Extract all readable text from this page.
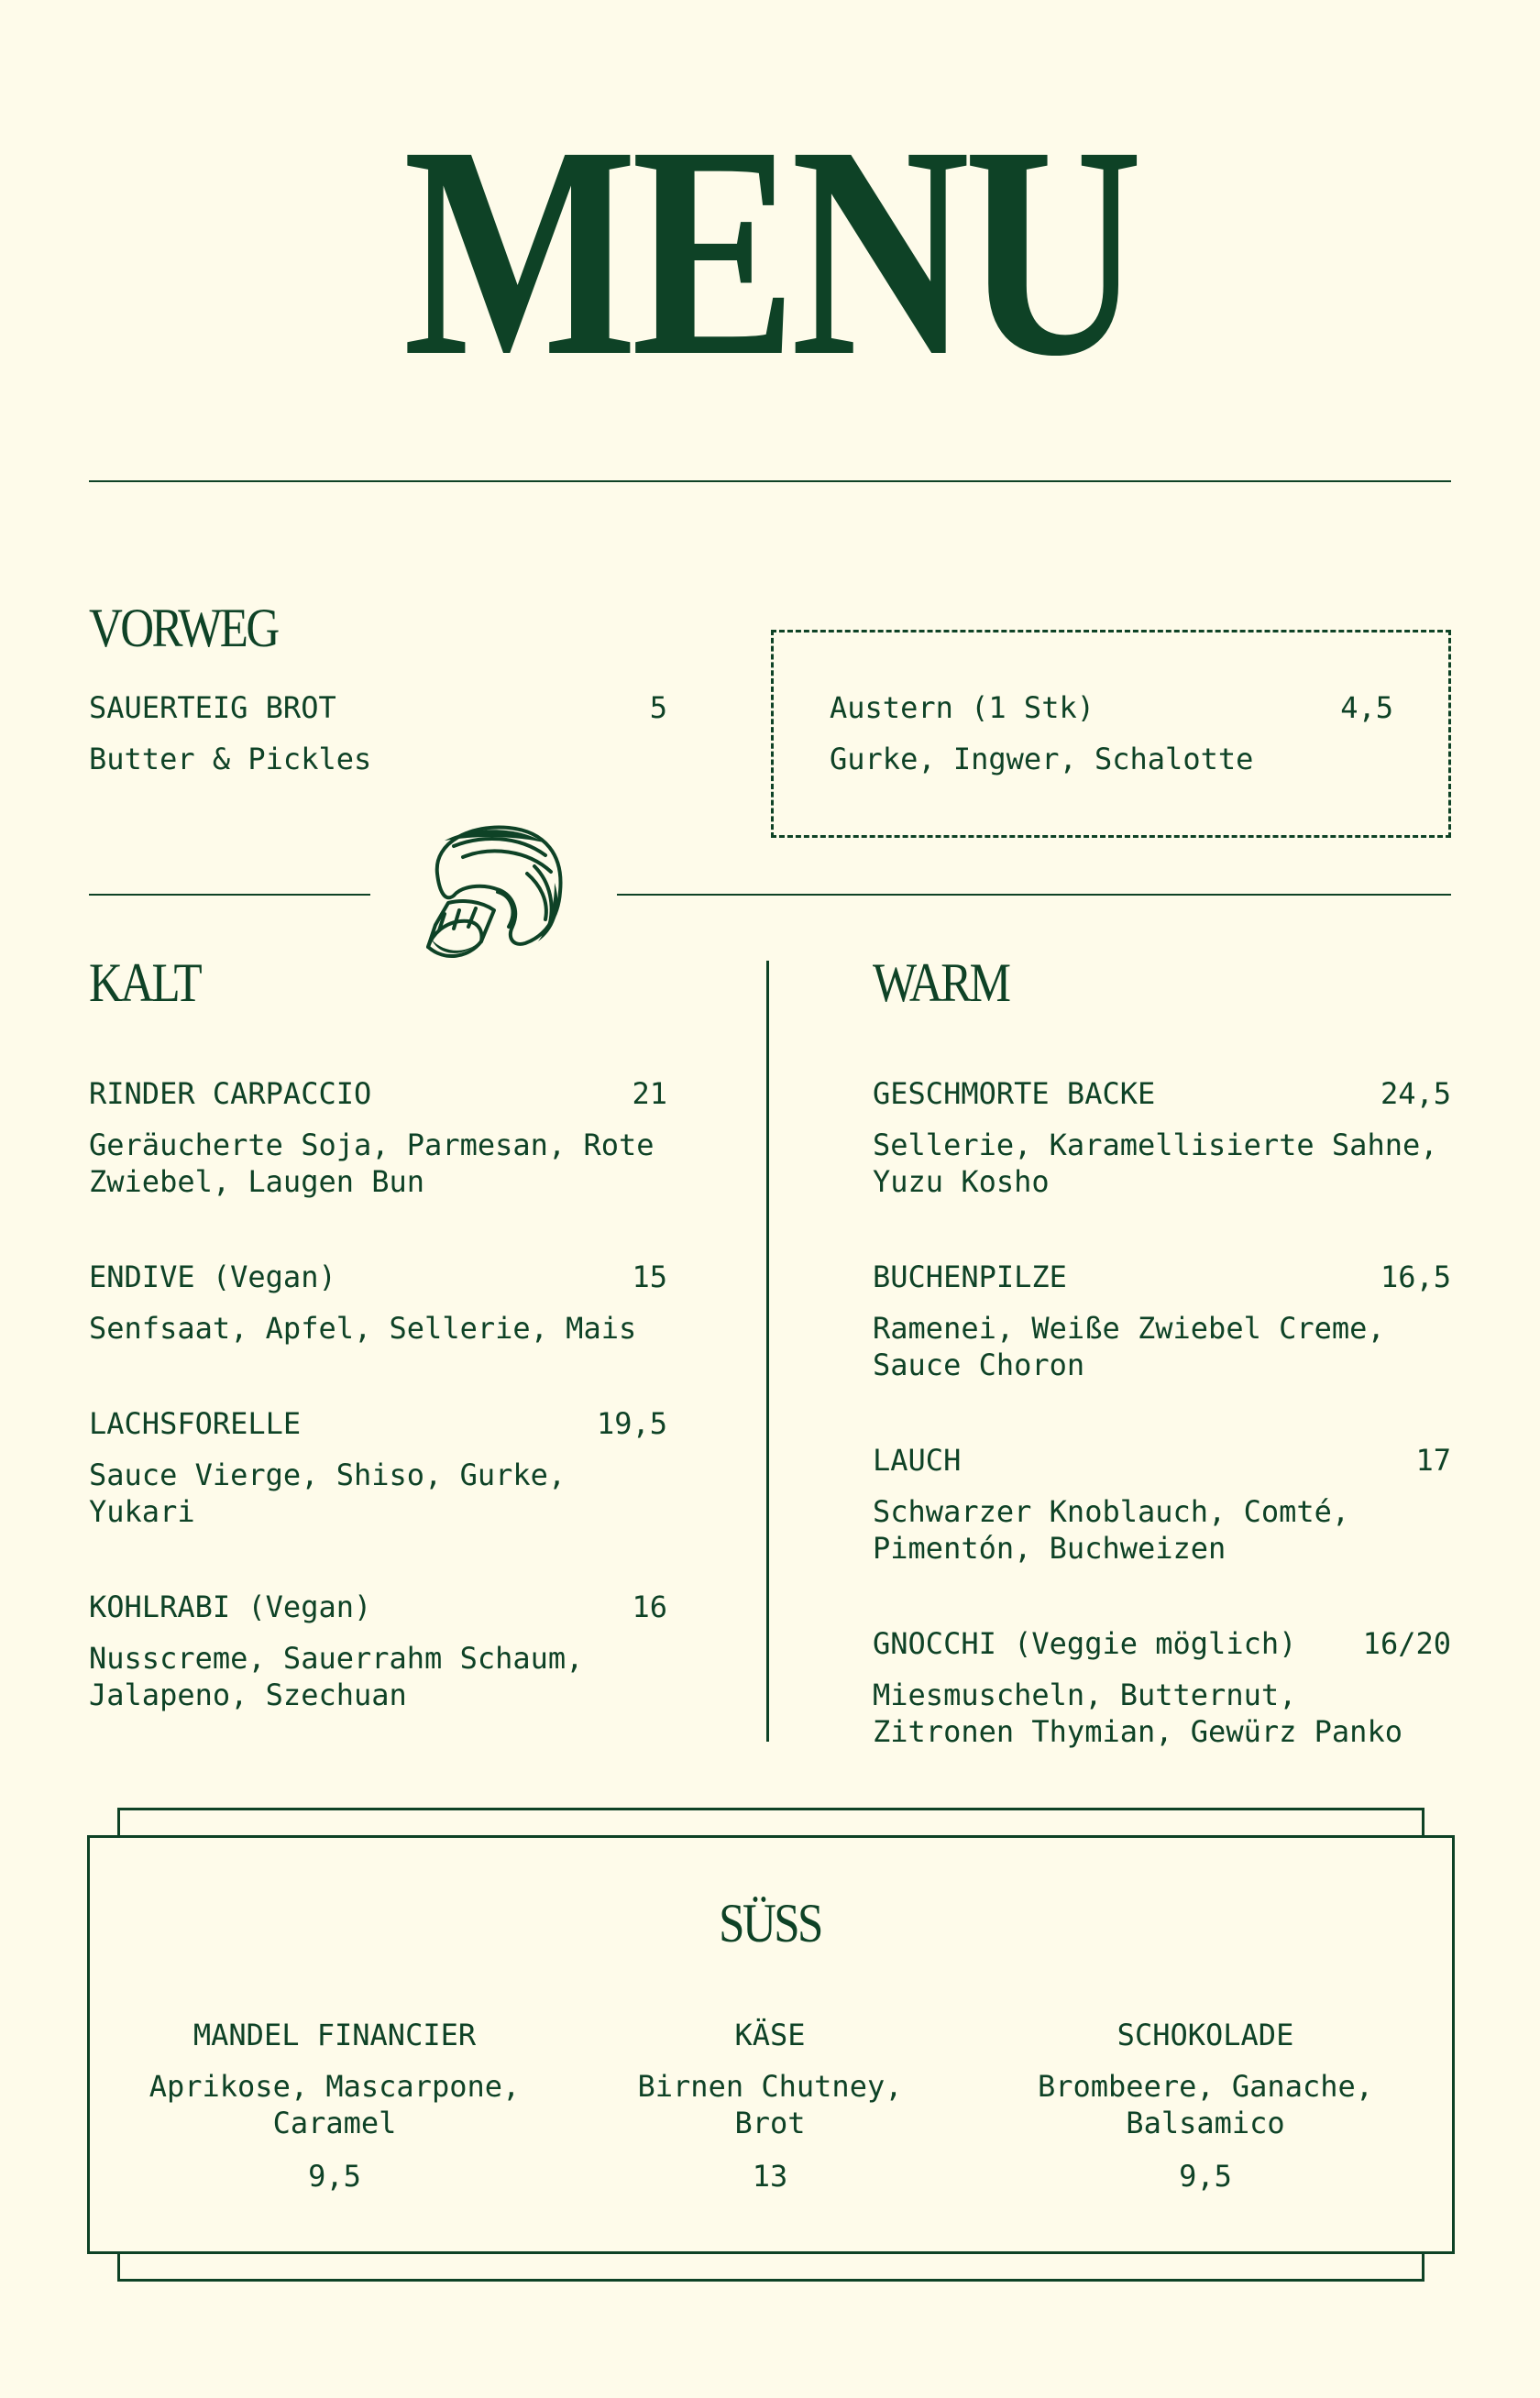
MENU
VORWEG
SAUERTEIG BROT	5
Butter & Pickles
Austern (1 Stk)	4,5
Gurke, Ingwer, Schalotte
KALT
RINDER CARPACCIO	21
Geräucherte Soja, Parmesan, Rote
Zwiebel, Laugen Bun
ENDIVE (Vegan)	15
Senfsaat, Apfel, Sellerie, Mais
LACHSFORELLE	19,5
Sauce Vierge, Shiso, Gurke,
Yukari
KOHLRABI (Vegan)	16
Nusscreme, Sauerrahm Schaum,
Jalapeno, Szechuan
WARM
GESCHMORTE BACKE	24,5
Sellerie, Karamellisierte Sahne,
Yuzu Kosho
BUCHENPILZE	16,5
Ramenei, Weiße Zwiebel Creme,
Sauce Choron
LAUCH	17
Schwarzer Knoblauch, Comté,
Pimentón, Buchweizen
GNOCCHI (Veggie möglich)	16/20
Miesmuscheln, Butternut,
Zitronen Thymian, Gewürz Panko
SÜSS
MANDEL FINANCIER
Aprikose, Mascarpone,
Caramel
9,5
KÄSE
Birnen Chutney,
Brot
13
SCHOKOLADE
Brombeere, Ganache,
Balsamico
9,5
